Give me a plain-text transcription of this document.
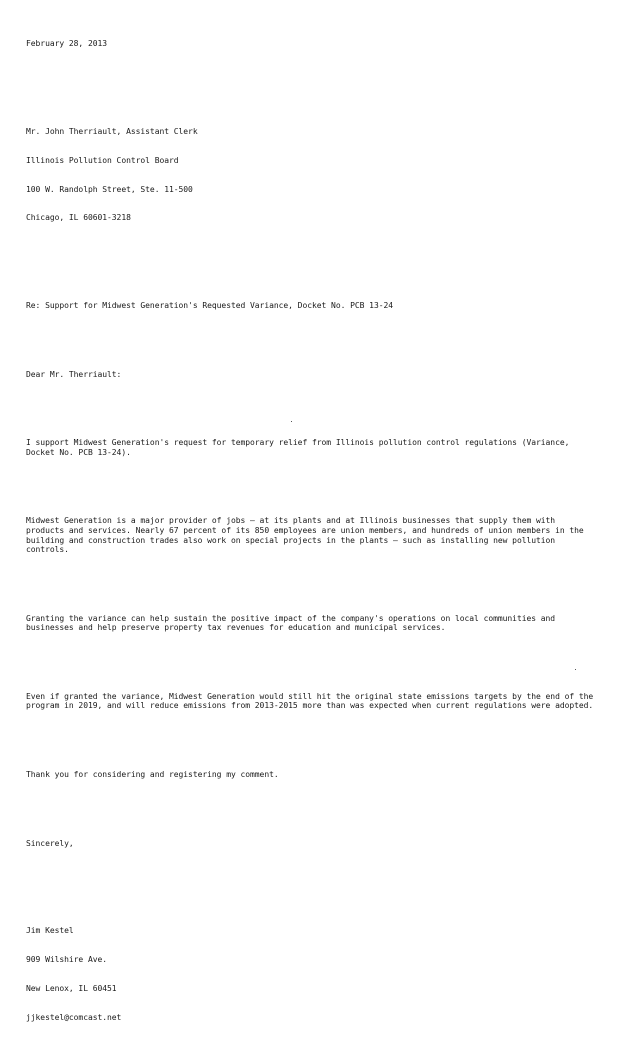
February 28, 2013

Mr. John Therriault, Assistant Clerk

Illinois Pollution Control Board

100 W. Randolph Street, Ste. 11-500

Chicago, IL 60601-3218

Re: Support for Midwest Generation's Requested Variance, Docket No. PCB 13-24

Dear Mr. Therriault:

I support Midwest Generation's request for temporary relief from Illinois pollution control regulations (Variance, Docket No. PCB 13-24).

Midwest Generation is a major provider of jobs — at its plants and at Illinois businesses that supply them with products and services. Nearly 67 percent of its 850 employees are union members, and hundreds of union members in the building and construction trades also work on special projects in the plants — such as installing new pollution controls.

Granting the variance can help sustain the positive impact of the company's operations on local communities and businesses and help preserve property tax revenues for education and municipal services.

Even if granted the variance, Midwest Generation would still hit the original state emissions targets by the end of the program in 2019, and will reduce emissions from 2013-2015 more than was expected when current regulations were adopted.

Thank you for considering and registering my comment.

Sincerely,

Jim Kestel

909 Wilshire Ave.

New Lenox, IL 60451

jjkestel@comcast.net
